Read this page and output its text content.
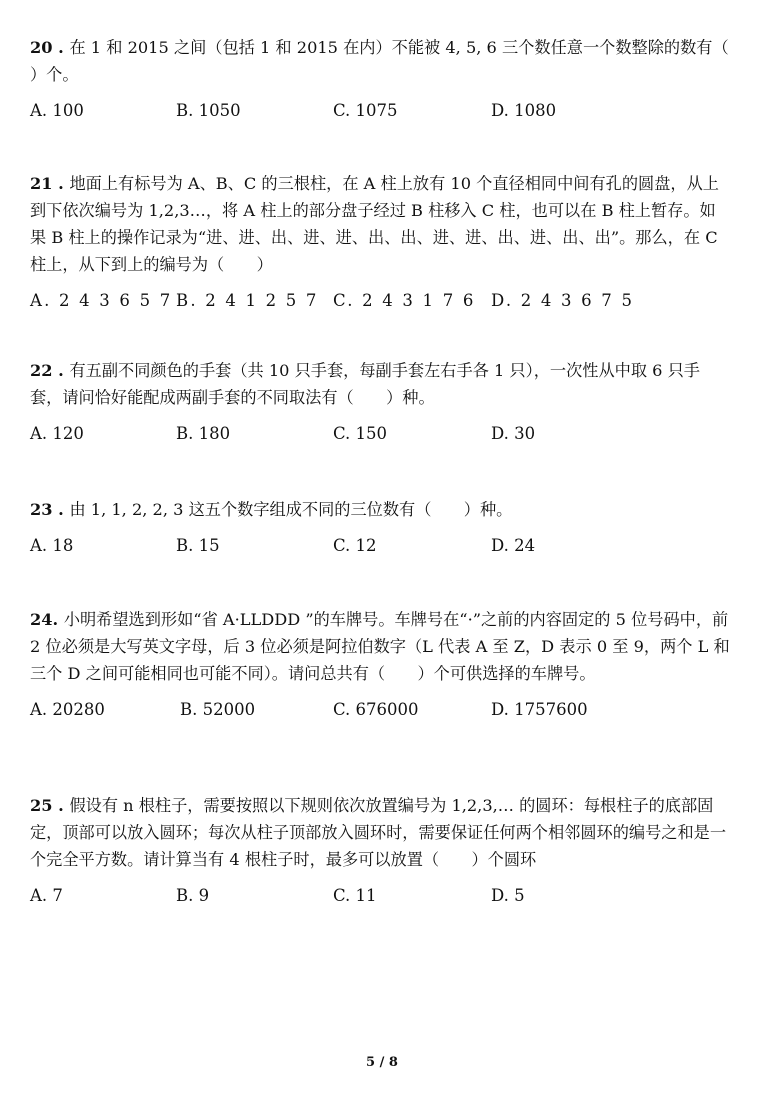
20 . 在 1 和 2015 之间（包括 1 和 2015 在内）不能被 4, 5, 6 三个数任意一个数整除的数有（　　）个。

A. 100	B. 1050	C. 1075	D. 1080

21 . 地面上有标号为 A、B、C 的三根柱，在 A 柱上放有 10 个直径相同中间有孔的圆盘，从上到下依次编号为 1,2,3…，将 A 柱上的部分盘子经过 B 柱移入 C 柱，也可以在 B 柱上暂存。如果 B 柱上的操作记录为“进、进、出、进、进、出、出、进、进、出、进、出、出”。那么，在 C 柱上，从下到上的编号为（　　）

A. 2 4 3 6 5 7 B. 2 4 1 2 5 7 C. 2 4 3 1 7 6 D. 2 4 3 6 7 5

22 . 有五副不同颜色的手套（共 10 只手套，每副手套左右手各 1 只），一次性从中取 6 只手套，请问恰好能配成两副手套的不同取法有（　　）种。

A. 120	B. 180	C. 150	D. 30

23 . 由 1, 1, 2, 2, 3 这五个数字组成不同的三位数有（　　）种。

A. 18	B. 15	C. 12	D. 24

24. 小明希望选到形如“省 A·LLDDD ”的车牌号。车牌号在“·”之前的内容固定的 5 位号码中，前 2 位必须是大写英文字母，后 3 位必须是阿拉伯数字（L 代表 A 至 Z，D 表示 0 至 9，两个 L 和三个 D 之间可能相同也可能不同）。请问总共有（　　）个可供选择的车牌号。

A. 20280	B. 52000	C. 676000	D. 1757600

25 . 假设有 n 根柱子，需要按照以下规则依次放置编号为 1,2,3,… 的圆环：每根柱子的底部固定，顶部可以放入圆环；每次从柱子顶部放入圆环时，需要保证任何两个相邻圆环的编号之和是一个完全平方数。请计算当有 4 根柱子时，最多可以放置（　　）个圆环

A. 7	B. 9	C. 11	D. 5
5 / 8
